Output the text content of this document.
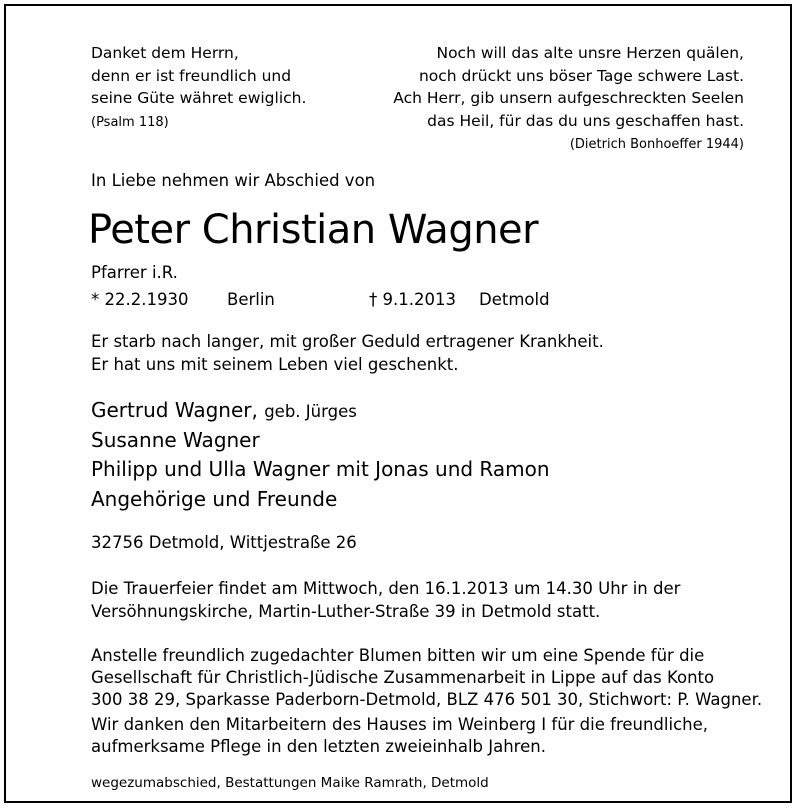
Danket dem Herrn,
denn er ist freundlich und
seine Güte währet ewiglich.
(Psalm 118)
Noch will das alte unsre Herzen quälen,
noch drückt uns böser Tage schwere Last.
Ach Herr, gib unsern aufgeschreckten Seelen
das Heil, für das du uns geschaffen hast.
(Dietrich Bonhoeffer 1944)
In Liebe nehmen wir Abschied von
Peter Christian Wagner
Pfarrer i.R.
* 22.2.1930 Berlin	† 9.1.2013 Detmold
Er starb nach langer, mit großer Geduld ertragener Krankheit.
Er hat uns mit seinem Leben viel geschenkt.
Gertrud Wagner, geb. Jürges
Susanne Wagner
Philipp und Ulla Wagner mit Jonas und Ramon
Angehörige und Freunde
32756 Detmold, Wittjestraße 26
Die Trauerfeier findet am Mittwoch, den 16.1.2013 um 14.30 Uhr in der
Versöhnungskirche, Martin-Luther-Straße 39 in Detmold statt.
Anstelle freundlich zugedachter Blumen bitten wir um eine Spende für die
Gesellschaft für Christlich-Jüdische Zusammenarbeit in Lippe auf das Konto
300 38 29, Sparkasse Paderborn-Detmold, BLZ 476 501 30, Stichwort: P. Wagner.
Wir danken den Mitarbeitern des Hauses im Weinberg I für die freundliche,
aufmerksame Pflege in den letzten zweieinhalb Jahren.
wegezumabschied, Bestattungen Maike Ramrath, Detmold
